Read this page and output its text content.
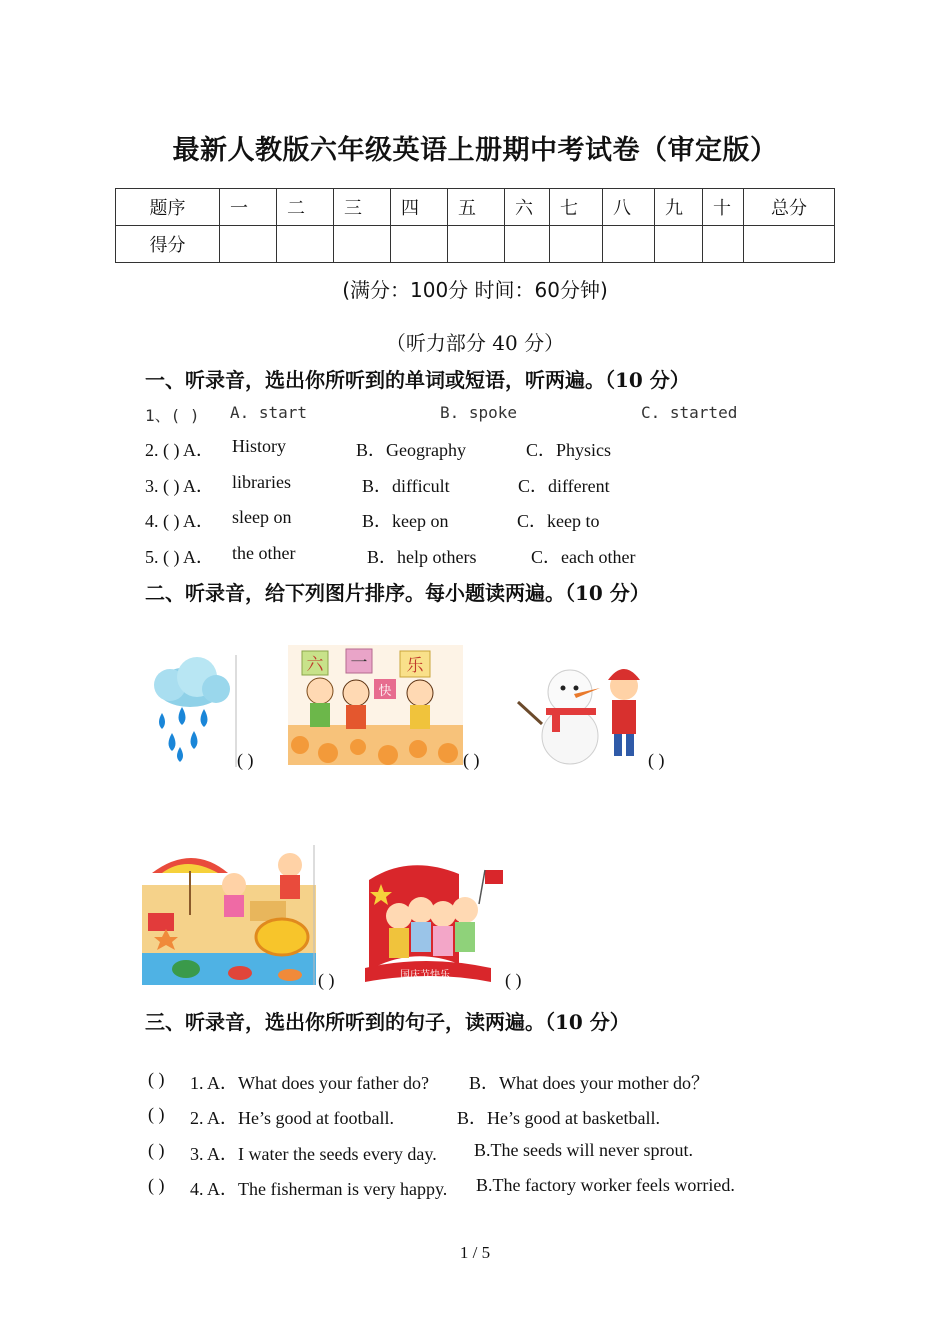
最新人教版六年级英语上册期中考试卷（审定版）
题序	一	二	三	四	五	六	七	八	九	十	总分
得分											
(满分：100分 时间：60分钟)
（听力部分 40 分）
一、听录音，选出你所听到的单词或短语，听两遍。（10 分）
1、( ) A. start	B. spoke	C. started
2. ( ) A． History	B．Geography	C．Physics
3. ( ) A． libraries	B．difficult	C．different
4. ( ) A． sleep on	B．keep on	C．keep to
5. ( ) A． the other	B．help others	C．each other
二、听录音，给下列图片排序。每小题读两遍。（10 分）
( )
六 一 乐
快
( )	( )
( )	国庆节快乐	( )
三、听录音，选出你所听到的句子，读两遍。（10 分）
( ) 1. A．What does your father do? B．What does your mother do？
( ) 2. A．He’s good at football.	B．He’s good at basketball.
( ) 3. A．I water the seeds every day. B.The seeds will never sprout.
( ) 4. A．The fisherman is very happy. B.The factory worker feels worried.
1 / 5
